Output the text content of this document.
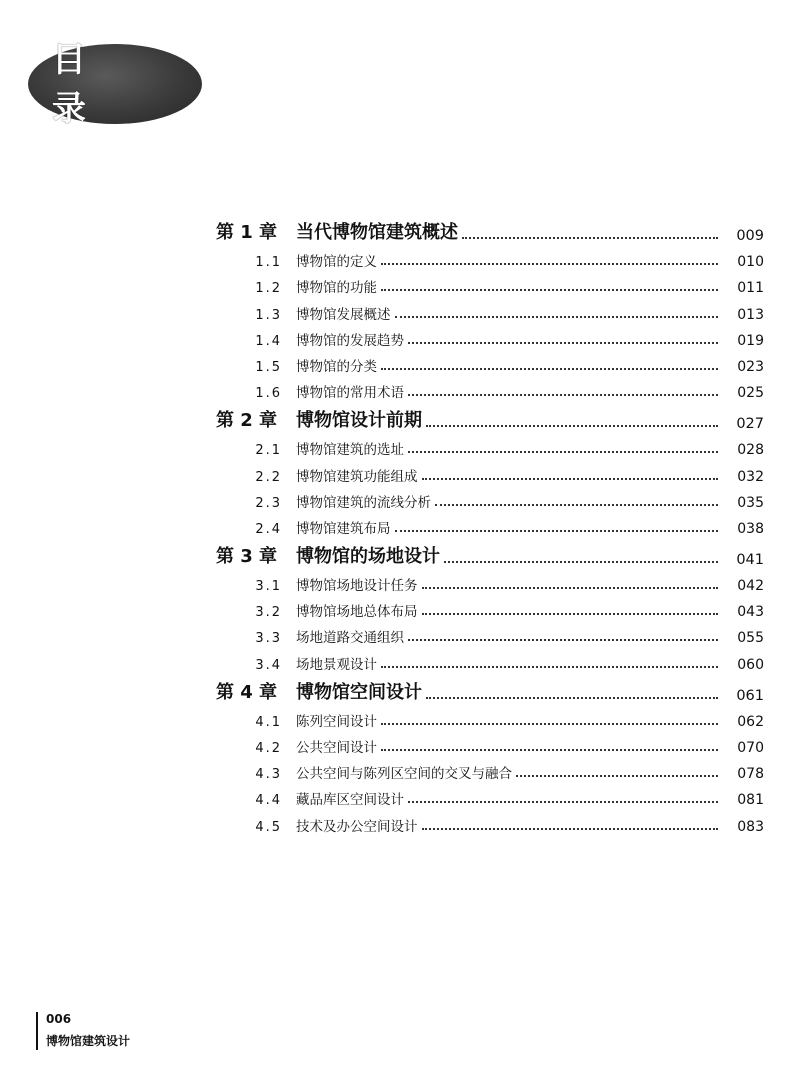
目 录
第 1 章	当代博物馆建筑概述	009
1.1	博物馆的定义	010
1.2	博物馆的功能	011
1.3	博物馆发展概述	013
1.4	博物馆的发展趋势	019
1.5	博物馆的分类	023
1.6	博物馆的常用术语	025
第 2 章	博物馆设计前期	027
2.1	博物馆建筑的选址	028
2.2	博物馆建筑功能组成	032
2.3	博物馆建筑的流线分析	035
2.4	博物馆建筑布局	038
第 3 章	博物馆的场地设计	041
3.1	博物馆场地设计任务	042
3.2	博物馆场地总体布局	043
3.3	场地道路交通组织	055
3.4	场地景观设计	060
第 4 章	博物馆空间设计	061
4.1	陈列空间设计	062
4.2	公共空间设计	070
4.3	公共空间与陈列区空间的交叉与融合	078
4.4	藏品库区空间设计	081
4.5	技术及办公空间设计	083
006
博物馆建筑设计
